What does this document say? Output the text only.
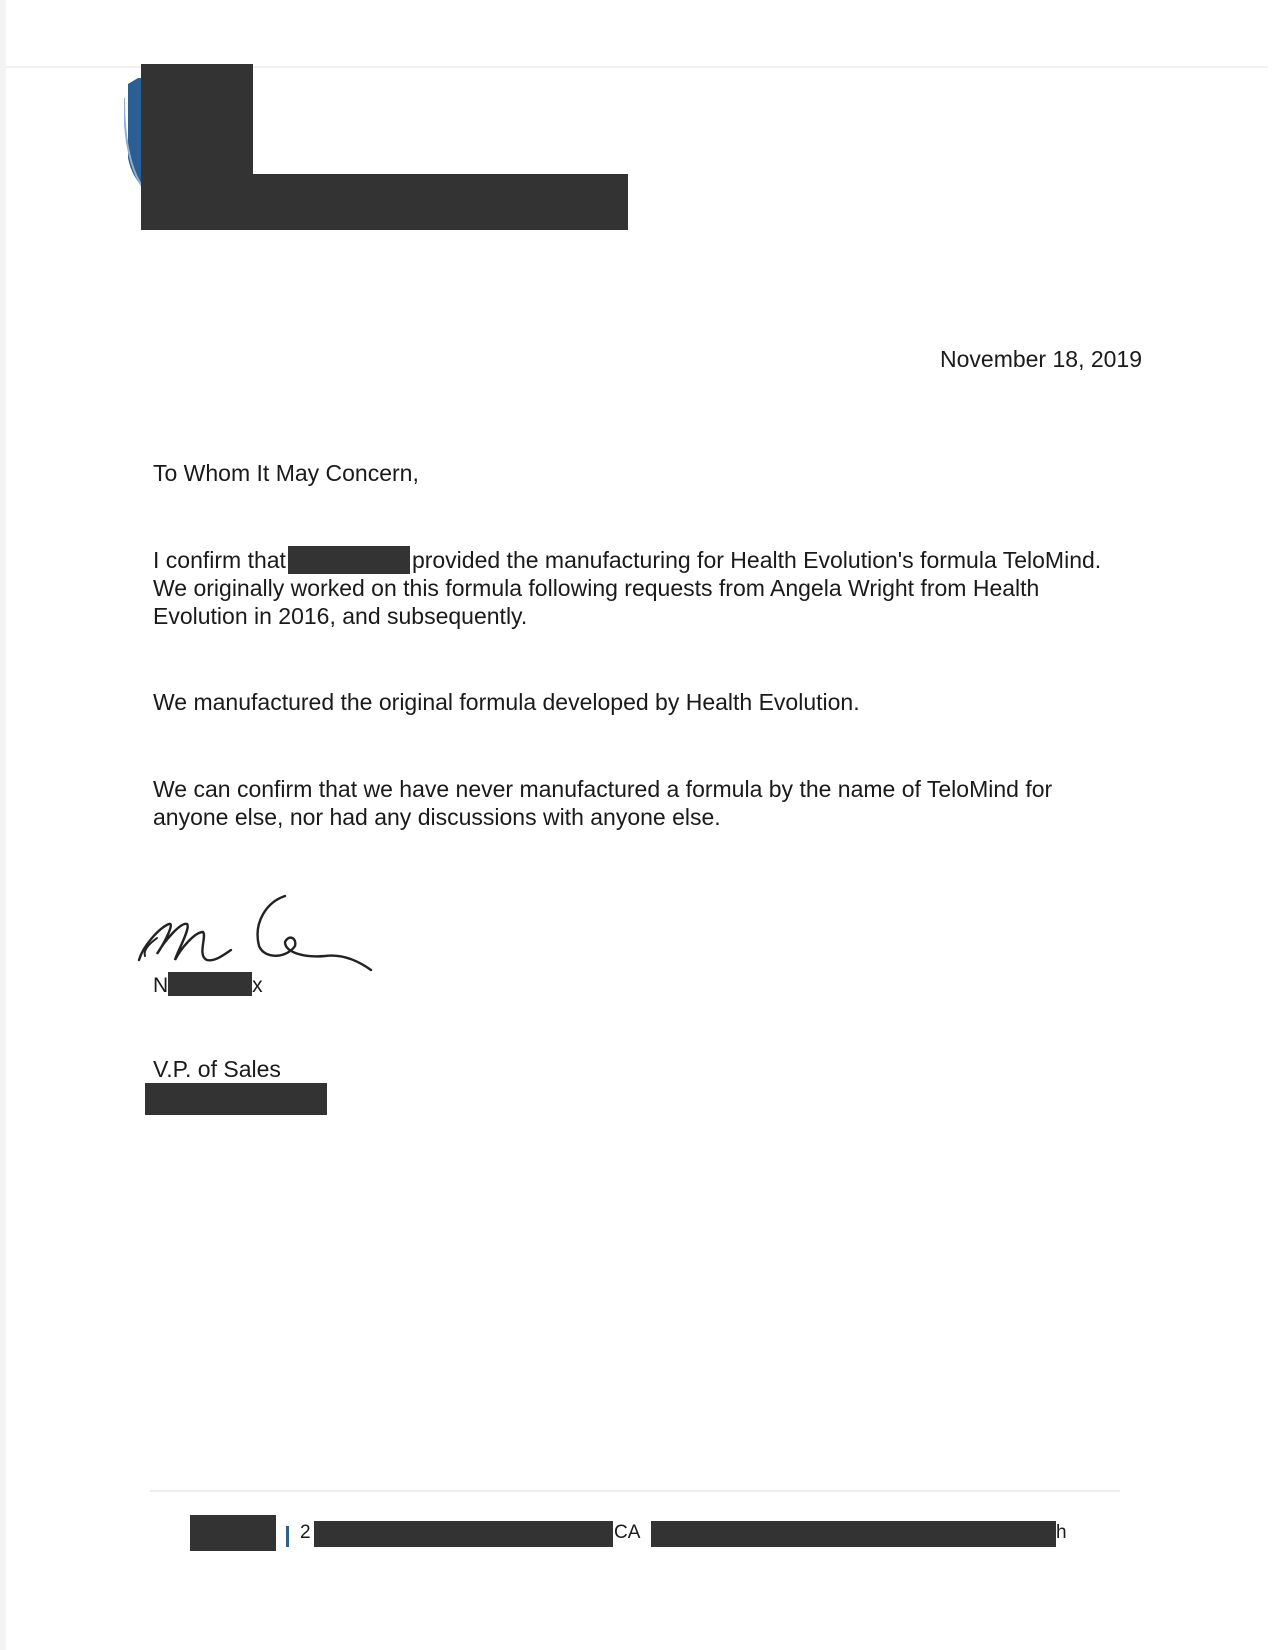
November 18, 2019
To Whom It May Concern,
I confirm that	provided the manufacturing for Health Evolution's formula TeloMind. We originally worked on this formula following requests from Angela Wright from Health Evolution in 2016, and subsequently.
We manufactured the original formula developed by Health Evolution.
We can confirm that we have never manufactured a formula by the name of TeloMind for anyone else, nor had any discussions with anyone else.
N	x
V.P. of Sales
2	CA	h
